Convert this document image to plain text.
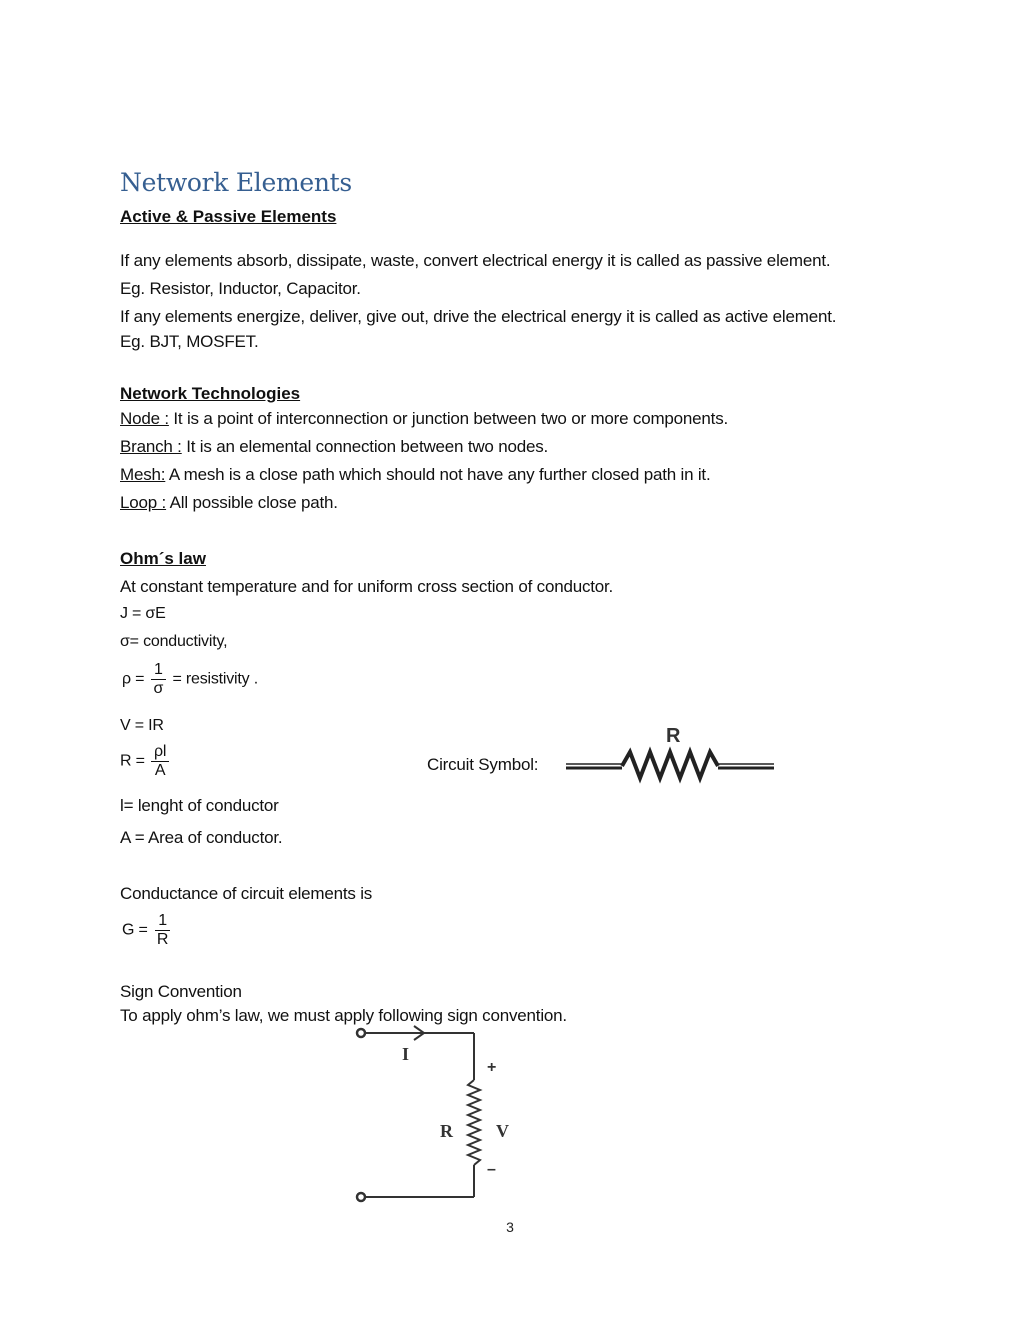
Network Elements
Active & Passive Elements
If any elements absorb, dissipate, waste, convert electrical energy it is called as passive element.
Eg. Resistor, Inductor, Capacitor.
If any elements energize, deliver, give out, drive the electrical energy it is called as active element.
Eg. BJT, MOSFET.
Network Technologies
Node : It is a point of interconnection or junction between two or more components.
Branch : It is an elemental connection between two nodes.
Mesh: A mesh is a close path which should not have any further closed path in it.
Loop : All possible close path.
Ohm´s law
At constant temperature and for uniform cross section of conductor.
J = σE
σ= conductivity,
$\rho = \frac{1}{\sigma}$ = resistivity .
V = IR
$R = \frac{\rho l}{A}$
l= lenght of conductor
A = Area of conductor.
Circuit Symbol:
R
Conductance of circuit elements is
$G = \frac{1}{R}$
Sign Convention
To apply ohm’s law, we must apply following sign convention.
I
+
R V
–
3
